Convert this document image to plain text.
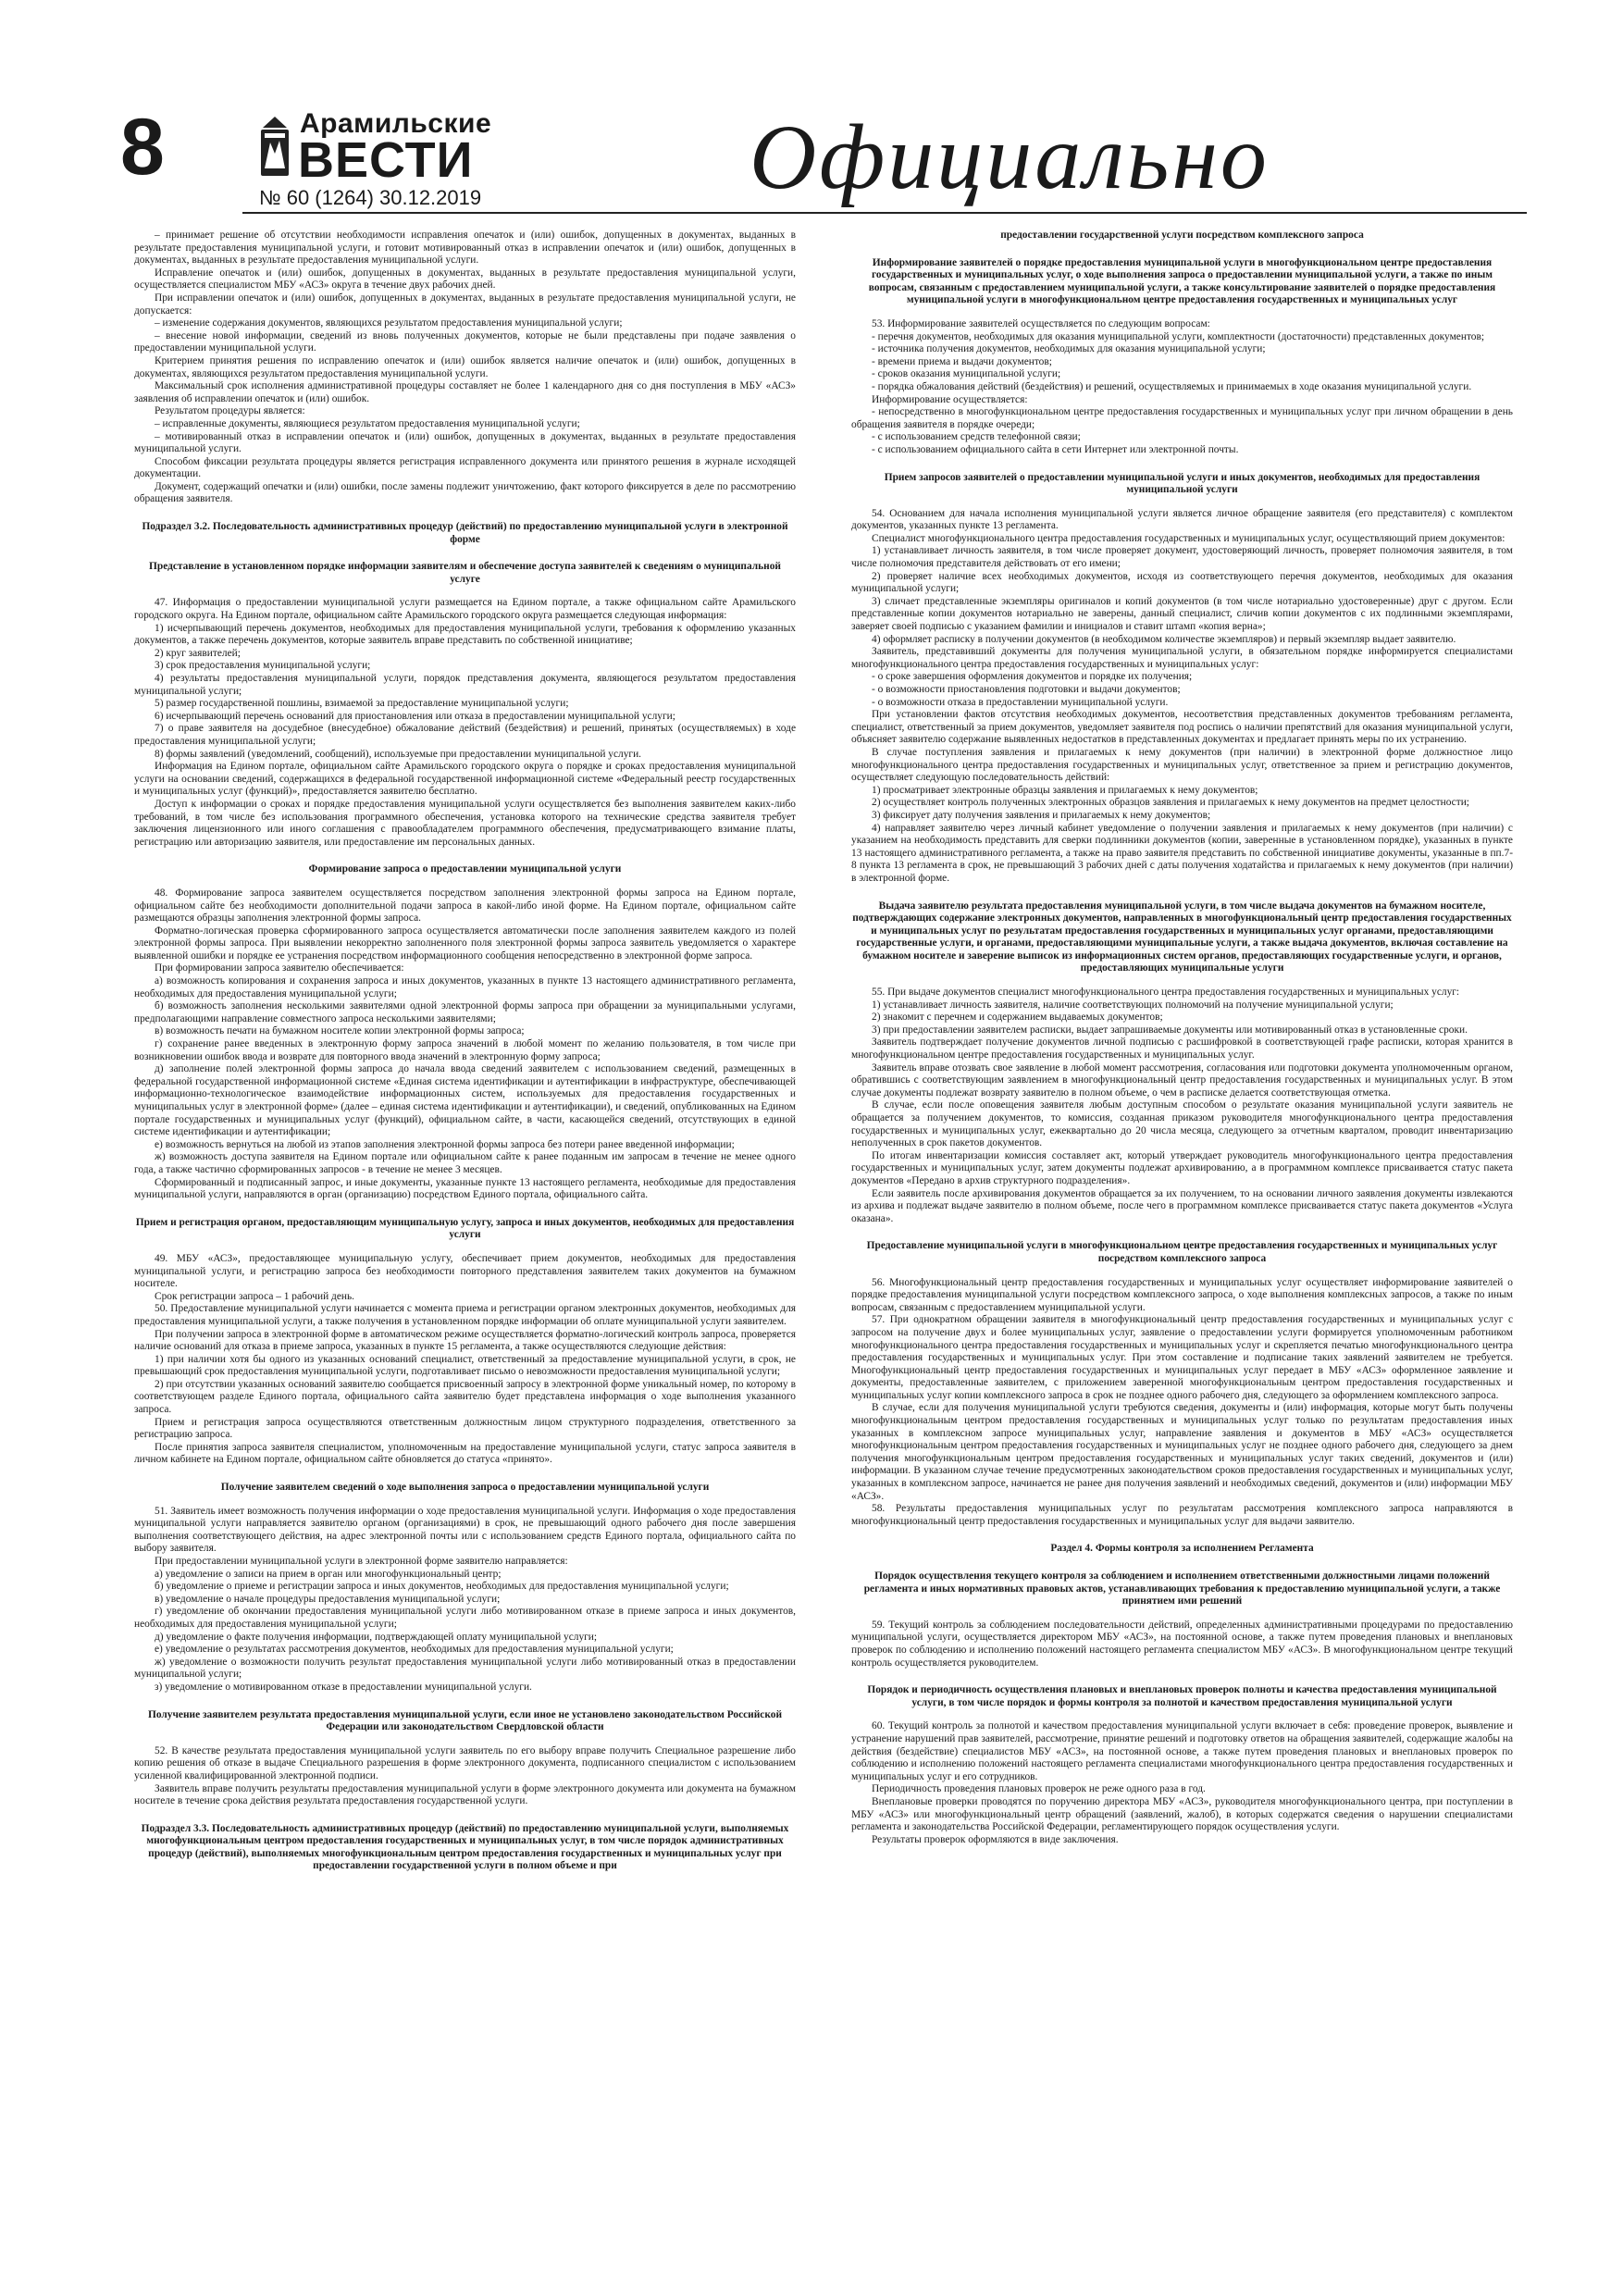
8	Арамильские
ВЕСТИ
№ 60 (1264) 30.12.2019	Официально

– принимает решение об отсутствии необходимости исправления опечаток и (или) ошибок, допущенных в документах, выданных в результате предоставления муниципальной услуги, и готовит мотивированный отказ в исправлении опечаток и (или) ошибок, допущенных в документах, выданных в результате предоставления муниципальной услуги.

Исправление опечаток и (или) ошибок, допущенных в документах, выданных в результате предоставления муниципальной услуги, осуществляется специалистом МБУ «АСЗ» округа в течение двух рабочих дней.

При исправлении опечаток и (или) ошибок, допущенных в документах, выданных в результате предоставления муниципальной услуги, не допускается:

– изменение содержания документов, являющихся результатом предоставления муниципальной услуги;

– внесение новой информации, сведений из вновь полученных документов, которые не были представлены при подаче заявления о предоставлении муниципальной услуги.

Критерием принятия решения по исправлению опечаток и (или) ошибок является наличие опечаток и (или) ошибок, допущенных в документах, являющихся результатом предоставления муниципальной услуги.

Максимальный срок исполнения административной процедуры составляет не более 1 календарного дня со дня поступления в МБУ «АСЗ» заявления об исправлении опечаток и (или) ошибок.

Результатом процедуры является:

– исправленные документы, являющиеся результатом предоставления муниципальной услуги;

– мотивированный отказ в исправлении опечаток и (или) ошибок, допущенных в документах, выданных в результате предоставления муниципальной услуги.

Способом фиксации результата процедуры является регистрация исправленного документа или принятого решения в журнале исходящей документации.

Документ, содержащий опечатки и (или) ошибки, после замены подлежит уничтожению, факт которого фиксируется в деле по рассмотрению обращения заявителя.

Подраздел 3.2. Последовательность административных процедур (действий) по предоставлению муниципальной услуги в электронной форме

Представление в установленном порядке информации заявителям и обеспечение доступа заявителей к сведениям о муниципальной услуге

47. Информация о предоставлении муниципальной услуги размещается на Едином портале, а также официальном сайте Арамильского городского округа. На Едином портале, официальном сайте Арамильского городского округа размещается следующая информация:

1) исчерпывающий перечень документов, необходимых для предоставления муниципальной услуги, требования к оформлению указанных документов, а также перечень документов, которые заявитель вправе представить по собственной инициативе;

2) круг заявителей;

3) срок предоставления муниципальной услуги;

4) результаты предоставления муниципальной услуги, порядок представления документа, являющегося результатом предоставления муниципальной услуги;

5) размер государственной пошлины, взимаемой за предоставление муниципальной услуги;

6) исчерпывающий перечень оснований для приостановления или отказа в предоставлении муниципальной услуги;

7) о праве заявителя на досудебное (внесудебное) обжалование действий (бездействия) и решений, принятых (осуществляемых) в ходе предоставления муниципальной услуги;

8) формы заявлений (уведомлений, сообщений), используемые при предоставлении муниципальной услуги.

Информация на Едином портале, официальном сайте Арамильского городского округа о порядке и сроках предоставления муниципальной услуги на основании сведений, содержащихся в федеральной государственной информационной системе «Федеральный реестр государственных и муниципальных услуг (функций)», предоставляется заявителю бесплатно.

Доступ к информации о сроках и порядке предоставления муниципальной услуги осуществляется без выполнения заявителем каких-либо требований, в том числе без использования программного обеспечения, установка которого на технические средства заявителя требует заключения лицензионного или иного соглашения с правообладателем программного обеспечения, предусматривающего взимание платы, регистрацию или авторизацию заявителя, или предоставление им персональных данных.

Формирование запроса о предоставлении муниципальной услуги

48. Формирование запроса заявителем осуществляется посредством заполнения электронной формы запроса на Едином портале, официальном сайте без необходимости дополнительной подачи запроса в какой-либо иной форме. На Едином портале, официальном сайте размещаются образцы заполнения электронной формы запроса.

Форматно-логическая проверка сформированного запроса осуществляется автоматически после заполнения заявителем каждого из полей электронной формы запроса. При выявлении некорректно заполненного поля электронной формы запроса заявитель уведомляется о характере выявленной ошибки и порядке ее устранения посредством информационного сообщения непосредственно в электронной форме запроса.

При формировании запроса заявителю обеспечивается:

а) возможность копирования и сохранения запроса и иных документов, указанных в пункте 13 настоящего административного регламента, необходимых для предоставления муниципальной услуги;

б) возможность заполнения несколькими заявителями одной электронной формы запроса при обращении за муниципальными услугами, предполагающими направление совместного запроса несколькими заявителями;

в) возможность печати на бумажном носителе копии электронной формы запроса;

г) сохранение ранее введенных в электронную форму запроса значений в любой момент по желанию пользователя, в том числе при возникновении ошибок ввода и возврате для повторного ввода значений в электронную форму запроса;

д) заполнение полей электронной формы запроса до начала ввода сведений заявителем с использованием сведений, размещенных в федеральной государственной информационной системе «Единая система идентификации и аутентификации в инфраструктуре, обеспечивающей информационно-технологическое взаимодействие информационных систем, используемых для предоставления государственных и муниципальных услуг в электронной форме» (далее – единая система идентификации и аутентификации), и сведений, опубликованных на Едином портале государственных и муниципальных услуг (функций), официальном сайте, в части, касающейся сведений, отсутствующих в единой системе идентификации и аутентификации;

е) возможность вернуться на любой из этапов заполнения электронной формы запроса без потери ранее введенной информации;

ж) возможность доступа заявителя на Едином портале или официальном сайте к ранее поданным им запросам в течение не менее одного года, а также частично сформированных запросов - в течение не менее 3 месяцев.

Сформированный и подписанный запрос, и иные документы, указанные пункте 13 настоящего регламента, необходимые для предоставления муниципальной услуги, направляются в орган (организацию) посредством Единого портала, официального сайта.

Прием и регистрация органом, предоставляющим муниципальную услугу, запроса и иных документов, необходимых для предоставления услуги

49. МБУ «АСЗ», предоставляющее муниципальную услугу, обеспечивает прием документов, необходимых для предоставления муниципальной услуги, и регистрацию запроса без необходимости повторного представления заявителем таких документов на бумажном носителе.

Срок регистрации запроса – 1 рабочий день.

50. Предоставление муниципальной услуги начинается с момента приема и регистрации органом электронных документов, необходимых для предоставления муниципальной услуги, а также получения в установленном порядке информации об оплате муниципальной услуги заявителем.

При получении запроса в электронной форме в автоматическом режиме осуществляется форматно-логический контроль запроса, проверяется наличие оснований для отказа в приеме запроса, указанных в пункте 15 регламента, а также осуществляются следующие действия:

1) при наличии хотя бы одного из указанных оснований специалист, ответственный за предоставление муниципальной услуги, в срок, не превышающий срок предоставления муниципальной услуги, подготавливает письмо о невозможности предоставления муниципальной услуги;

2) при отсутствии указанных оснований заявителю сообщается присвоенный запросу в электронной форме уникальный номер, по которому в соответствующем разделе Единого портала, официального сайта заявителю будет представлена информация о ходе выполнения указанного запроса.

Прием и регистрация запроса осуществляются ответственным должностным лицом структурного подразделения, ответственного за регистрацию запроса.

После принятия запроса заявителя специалистом, уполномоченным на предоставление муниципальной услуги, статус запроса заявителя в личном кабинете на Едином портале, официальном сайте обновляется до статуса «принято».

Получение заявителем сведений о ходе выполнения запроса о предоставлении муниципальной услуги

51. Заявитель имеет возможность получения информации о ходе предоставления муниципальной услуги. Информация о ходе предоставления муниципальной услуги направляется заявителю органом (организациями) в срок, не превышающий одного рабочего дня после завершения выполнения соответствующего действия, на адрес электронной почты или с использованием средств Единого портала, официального сайта по выбору заявителя.

При предоставлении муниципальной услуги в электронной форме заявителю направляется:

а) уведомление о записи на прием в орган или многофункциональный центр;

б) уведомление о приеме и регистрации запроса и иных документов, необходимых для предоставления муниципальной услуги;

в) уведомление о начале процедуры предоставления муниципальной услуги;

г) уведомление об окончании предоставления муниципальной услуги либо мотивированном отказе в приеме запроса и иных документов, необходимых для предоставления муниципальной услуги;

д) уведомление о факте получения информации, подтверждающей оплату муниципальной услуги;

е) уведомление о результатах рассмотрения документов, необходимых для предоставления муниципальной услуги;

ж) уведомление о возможности получить результат предоставления муниципальной услуги либо мотивированный отказ в предоставлении муниципальной услуги;

з) уведомление о мотивированном отказе в предоставлении муниципальной услуги.

Получение заявителем результата предоставления муниципальной услуги, если иное не установлено законодательством Российской Федерации или законодательством Свердловской области

52. В качестве результата предоставления муниципальной услуги заявитель по его выбору вправе получить Специальное разрешение либо копию решения об отказе в выдаче Специального разрешения в форме электронного документа, подписанного специалистом с использованием усиленной квалифицированной электронной подписи.

Заявитель вправе получить результаты предоставления муниципальной услуги в форме электронного документа или документа на бумажном носителе в течение срока действия результата предоставления государственной услуги.

Подраздел 3.3. Последовательность административных процедур (действий) по предоставлению муниципальной услуги, выполняемых многофункциональным центром предоставления государственных и муниципальных услуг, в том числе порядок административных процедур (действий), выполняемых многофункциональным центром предоставления государственных и муниципальных услуг при предоставлении государственной услуги в полном объеме и при

предоставлении государственной услуги посредством комплексного запроса

Информирование заявителей о порядке предоставления муниципальной услуги в многофункциональном центре предоставления государственных и муниципальных услуг, о ходе выполнения запроса о предоставлении муниципальной услуги, а также по иным вопросам, связанным с предоставлением муниципальной услуги, а также консультирование заявителей о порядке предоставления муниципальной услуги в многофункциональном центре предоставления государственных и муниципальных услуг

53. Информирование заявителей осуществляется по следующим вопросам:

- перечня документов, необходимых для оказания муниципальной услуги, комплектности (достаточности) представленных документов;

- источника получения документов, необходимых для оказания муниципальной услуги;

- времени приема и выдачи документов;

- сроков оказания муниципальной услуги;

- порядка обжалования действий (бездействия) и решений, осуществляемых и принимаемых в ходе оказания муниципальной услуги.

Информирование осуществляется:

- непосредственно в многофункциональном центре предоставления государственных и муниципальных услуг при личном обращении в день обращения заявителя в порядке очереди;

- с использованием средств телефонной связи;

- с использованием официального сайта в сети Интернет или электронной почты.

Прием запросов заявителей о предоставлении муниципальной услуги и иных документов, необходимых для предоставления муниципальной услуги

54. Основанием для начала исполнения муниципальной услуги является личное обращение заявителя (его представителя) с комплектом документов, указанных пункте 13 регламента.

Специалист многофункционального центра предоставления государственных и муниципальных услуг, осуществляющий прием документов:

1) устанавливает личность заявителя, в том числе проверяет документ, удостоверяющий личность, проверяет полномочия заявителя, в том числе полномочия представителя действовать от его имени;

2) проверяет наличие всех необходимых документов, исходя из соответствующего перечня документов, необходимых для оказания муниципальной услуги;

3) сличает представленные экземпляры оригиналов и копий документов (в том числе нотариально удостоверенные) друг с другом. Если представленные копии документов нотариально не заверены, данный специалист, сличив копии документов с их подлинными экземплярами, заверяет своей подписью с указанием фамилии и инициалов и ставит штамп «копия верна»;

4) оформляет расписку в получении документов (в необходимом количестве экземпляров) и первый экземпляр выдает заявителю.

Заявитель, представивший документы для получения муниципальной услуги, в обязательном порядке информируется специалистами многофункционального центра предоставления государственных и муниципальных услуг:

- о сроке завершения оформления документов и порядке их получения;

- о возможности приостановления подготовки и выдачи документов;

- о возможности отказа в предоставлении муниципальной услуги.

При установлении фактов отсутствия необходимых документов, несоответствия представленных документов требованиям регламента, специалист, ответственный за прием документов, уведомляет заявителя под роспись о наличии препятствий для оказания муниципальной услуги, объясняет заявителю содержание выявленных недостатков в представленных документах и предлагает принять меры по их устранению.

В случае поступления заявления и прилагаемых к нему документов (при наличии) в электронной форме должностное лицо многофункционального центра предоставления государственных и муниципальных услуг, ответственное за прием и регистрацию документов, осуществляет следующую последовательность действий:

1) просматривает электронные образцы заявления и прилагаемых к нему документов;

2) осуществляет контроль полученных электронных образцов заявления и прилагаемых к нему документов на предмет целостности;

3) фиксирует дату получения заявления и прилагаемых к нему документов;

4) направляет заявителю через личный кабинет уведомление о получении заявления и прилагаемых к нему документов (при наличии) с указанием на необходимость представить для сверки подлинники документов (копии, заверенные в установленном порядке), указанных в пункте 13 настоящего административного регламента, а также на право заявителя представить по собственной инициативе документы, указанные в пп.7-8 пункта 13 регламента в срок, не превышающий 3 рабочих дней с даты получения ходатайства и прилагаемых к нему документов (при наличии) в электронной форме.

Выдача заявителю результата предоставления муниципальной услуги, в том числе выдача документов на бумажном носителе, подтверждающих содержание электронных документов, направленных в многофункциональный центр предоставления государственных и муниципальных услуг по результатам предоставления государственных и муниципальных услуг органами, предоставляющими государственные услуги, и органами, предоставляющими муниципальные услуги, а также выдача документов, включая составление на бумажном носителе и заверение выписок из информационных систем органов, предоставляющих государственные услуги, и органов, предоставляющих муниципальные услуги

55. При выдаче документов специалист многофункционального центра предоставления государственных и муниципальных услуг:

1) устанавливает личность заявителя, наличие соответствующих полномочий на получение муниципальной услуги;

2) знакомит с перечнем и содержанием выдаваемых документов;

3) при предоставлении заявителем расписки, выдает запрашиваемые документы или мотивированный отказ в установленные сроки.

Заявитель подтверждает получение документов личной подписью с расшифровкой в соответствующей графе расписки, которая хранится в многофункциональном центре предоставления государственных и муниципальных услуг.

Заявитель вправе отозвать свое заявление в любой момент рассмотрения, согласования или подготовки документа уполномоченным органом, обратившись с соответствующим заявлением в многофункциональный центр предоставления государственных и муниципальных услуг. В этом случае документы подлежат возврату заявителю в полном объеме, о чем в расписке делается соответствующая отметка.

В случае, если после оповещения заявителя любым доступным способом о результате оказания муниципальной услуги заявитель не обращается за получением документов, то комиссия, созданная приказом руководителя многофункционального центра предоставления государственных и муниципальных услуг, ежеквартально до 20 числа месяца, следующего за отчетным кварталом, проводит инвентаризацию неполученных в срок пакетов документов.

По итогам инвентаризации комиссия составляет акт, который утверждает руководитель многофункционального центра предоставления государственных и муниципальных услуг, затем документы подлежат архивированию, а в программном комплексе присваивается статус пакета документов «Передано в архив структурного подразделения».

Если заявитель после архивирования документов обращается за их получением, то на основании личного заявления документы извлекаются из архива и подлежат выдаче заявителю в полном объеме, после чего в программном комплексе присваивается статус пакета документов «Услуга оказана».

Предоставление муниципальной услуги в многофункциональном центре предоставления государственных и муниципальных услуг посредством комплексного запроса

56. Многофункциональный центр предоставления государственных и муниципальных услуг осуществляет информирование заявителей о порядке предоставления муниципальной услуги посредством комплексного запроса, о ходе выполнения комплексных запросов, а также по иным вопросам, связанным с предоставлением муниципальной услуги.

57. При однократном обращении заявителя в многофункциональный центр предоставления государственных и муниципальных услуг с запросом на получение двух и более муниципальных услуг, заявление о предоставлении услуги формируется уполномоченным работником многофункционального центра предоставления государственных и муниципальных услуг и скрепляется печатью многофункционального центра предоставления государственных и муниципальных услуг. При этом составление и подписание таких заявлений заявителем не требуется. Многофункциональный центр предоставления государственных и муниципальных услуг передает в МБУ «АСЗ» оформленное заявление и документы, предоставленные заявителем, с приложением заверенной многофункциональным центром предоставления государственных и муниципальных услуг копии комплексного запроса в срок не позднее одного рабочего дня, следующего за оформлением комплексного запроса.

В случае, если для получения муниципальной услуги требуются сведения, документы и (или) информация, которые могут быть получены многофункциональным центром предоставления государственных и муниципальных услуг только по результатам предоставления иных указанных в комплексном запросе муниципальных услуг, направление заявления и документов в МБУ «АСЗ» осуществляется многофункциональным центром предоставления государственных и муниципальных услуг не позднее одного рабочего дня, следующего за днем получения многофункциональным центром предоставления государственных и муниципальных услуг таких сведений, документов и (или) информации. В указанном случае течение предусмотренных законодательством сроков предоставления государственных и муниципальных услуг, указанных в комплексном запросе, начинается не ранее дня получения заявлений и необходимых сведений, документов и (или) информации МБУ «АСЗ».

58. Результаты предоставления муниципальных услуг по результатам рассмотрения комплексного запроса направляются в многофункциональный центр предоставления государственных и муниципальных услуг для выдачи заявителю.

Раздел 4. Формы контроля за исполнением Регламента

Порядок осуществления текущего контроля за соблюдением и исполнением ответственными должностными лицами положений регламента и иных нормативных правовых актов, устанавливающих требования к предоставлению муниципальной услуги, а также принятием ими решений

59. Текущий контроль за соблюдением последовательности действий, определенных административными процедурами по предоставлению муниципальной услуги, осуществляется директором МБУ «АСЗ», на постоянной основе, а также путем проведения плановых и внеплановых проверок по соблюдению и исполнению положений настоящего регламента специалистом МБУ «АСЗ». В многофункциональном центре текущий контроль осуществляется руководителем.

Порядок и периодичность осуществления плановых и внеплановых проверок полноты и качества предоставления муниципальной услуги, в том числе порядок и формы контроля за полнотой и качеством предоставления муниципальной услуги

60. Текущий контроль за полнотой и качеством предоставления муниципальной услуги включает в себя: проведение проверок, выявление и устранение нарушений прав заявителей, рассмотрение, принятие решений и подготовку ответов на обращения заявителей, содержащие жалобы на действия (бездействие) специалистов МБУ «АСЗ», на постоянной основе, а также путем проведения плановых и внеплановых проверок по соблюдению и исполнению положений настоящего регламента специалистами многофункционального центра предоставления государственных и муниципальных услуг и его сотрудников.

Периодичность проведения плановых проверок не реже одного раза в год.

Внеплановые проверки проводятся по поручению директора МБУ «АСЗ», руководителя многофункционального центра, при поступлении в МБУ «АСЗ» или многофункциональный центр обращений (заявлений, жалоб), в которых содержатся сведения о нарушении специалистами регламента и законодательства Российской Федерации, регламентирующего порядок осуществления услуги.

Результаты проверок оформляются в виде заключения.
